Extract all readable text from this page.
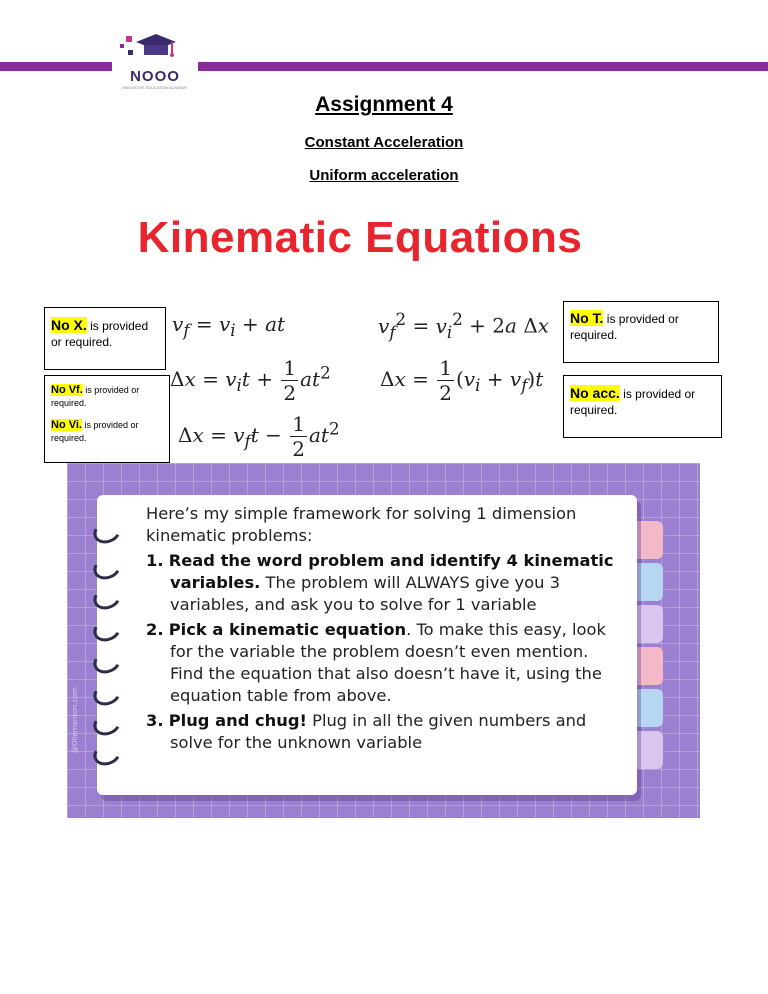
NOOO
INNOVATIVE EDUCATION ACADEMY
Assignment 4
Constant Acceleration
Uniform acceleration
Kinematic Equations
No X. is provided or required.

No Vf. is provided or required.

No Vi. is provided or required.

No T. is provided or required.
No acc. is provided or required.
$v_f = v_i$ + at	$v_f^2 = v_i^2 + 2a$ Δx
$\Delta x = v_it + \frac{1}{2} at^2$ $\Delta x = \frac{1}{2} (v_i + v_f)t$
$\Delta x = v_ft - \frac{1}{2} at^2$

Here’s my simple framework for solving 1 dimension kinematic problems:

1. Read the word problem and identify 4 kinematic variables. The problem will ALWAYS give you 3 variables, and ask you to solve for 1 variable

2. Pick a kinematic equation. To make this easy, look for the variable the problem doesn’t even mention. Find the equation that also doesn’t have it, using the equation table from above.

3. Plug and chug! Plug in all the given numbers and solve for the unknown variable

@Ollemanson.com
